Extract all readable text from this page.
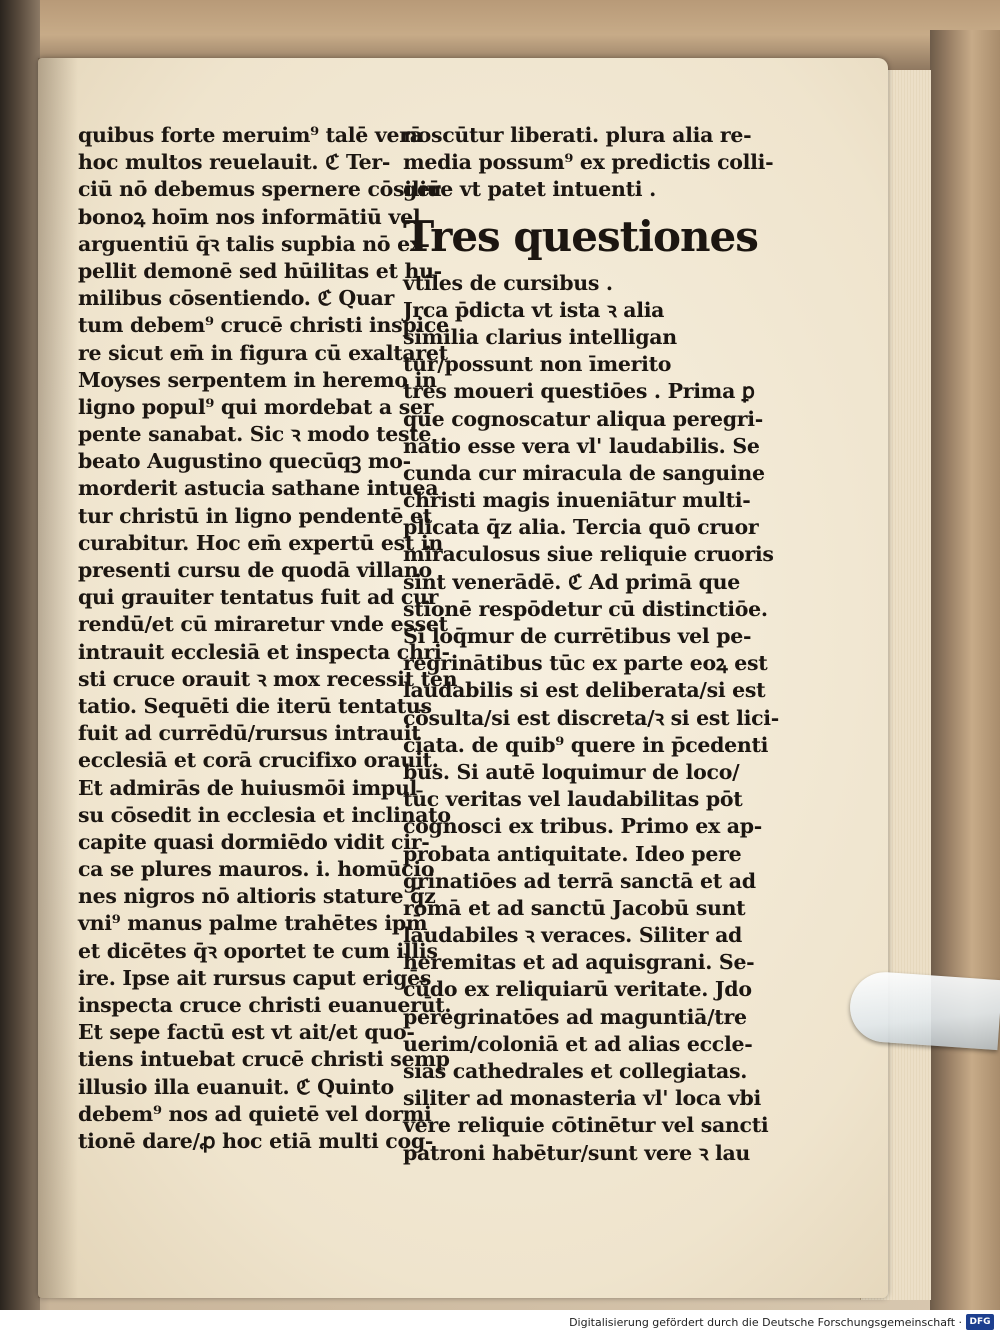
quibus forte meruim⁹ talē verā
hoc multos reuelauit. ℭ Ter-
ciū nō debemus spernere cōsiliū
bonoꝝ hoīm nos informātiū vel
arguentiū q̄ꝛ talis supbia nō ex-
pellit demonē sed hūilitas et hu-
milibus cōsentiendo. ℭ Quar
tum debem⁹ crucē christi inspice
re sicut em̄ in figura cū exaltaret
Moyses serpentem in heremo in
ligno popul⁹ qui mordebat a ser
pente sanabat. Sic ꝛ modo teste
beato Augustino quecūqꝫ mo-
morderit astucia sathane intuea
tur christū in ligno pendentē et
curabitur. Hoc em̄ expertū est in
presenti cursu de quodā villano
qui grauiter tentatus fuit ad cur
rendū/et cū miraretur vnde esset
intrauit ecclesiā et inspecta chri-
sti cruce orauit ꝛ mox recessit ten
tatio. Sequēti die iterū tentatus
fuit ad currēdū/rursus intrauit
ecclesiā et corā crucifixo orauit.
Et admirās de huiusmōi impul
su cōsedit in ecclesia et inclinato
capite quasi dormiēdo vidit cir-
ca se plures mauros. i. homūcio
nes nigros nō altioris stature q̄z
vni⁹ manus palme trahētes ipm̄
et dicētes q̄ꝛ oportet te cum illis
ire. Ipse ait rursus caput erigēs
inspecta cruce christi euanuerūt.
Et sepe factū est vt ait/et quo-
tiens intuebat crucē christi semp
illusio illa euanuit. ℭ Quinto
debem⁹ nos ad quietē vel dormi
tionē dare/ꝓ hoc etiā multi cog-
noscūtur liberati. plura alia re-
media possum⁹ ex predictis colli-
gere vt patet intuenti .
Tres questiones
vtiles de cursibus .
Jrca p̄dicta vt ista ꝛ alia
similia clarius intelligan
tur/possunt non īmerito
tres moueri questiōes . Prima ꝑ
que cognoscatur aliqua peregri-
natio esse vera vl' laudabilis. Se
cunda cur miracula de sanguine
christi magis inueniātur multi-
plicata q̄z alia. Tercia quō cruor
miraculosus siue reliquie cruoris
sint venerādē. ℭ Ad primā que
stionē respōdetur cū distinctiōe.
Si loq̄mur de currētibus vel pe-
regrinātibus tūc ex parte eoꝝ est
laudabilis si est deliberata/si est
cōsulta/si est discreta/ꝛ si est lici-
ciata. de quib⁹ quere in p̄cedenti
bus. Si autē loquimur de loco/
tūc veritas vel laudabilitas pōt
cognosci ex tribus. Primo ex ap-
probata antiquitate. Ideo pere
grinatiōes ad terrā sanctā et ad
romā et ad sanctū Jacobū sunt
laudabiles ꝛ veraces. Siliter ad
heremitas et ad aquisgrani. Se-
cūdo ex reliquiarū veritate. Jdo
peregrinatōes ad maguntiā/tre
uerim/coloniā et ad alias eccle-
sias cathedrales et collegiatas.
siliter ad monasteria vl' loca vbi
vere reliquie cōtinētur vel sancti
patroni habētur/sunt vere ꝛ lau
Digitalisierung gefördert durch die Deutsche Forschungsgemeinschaft · DFG
